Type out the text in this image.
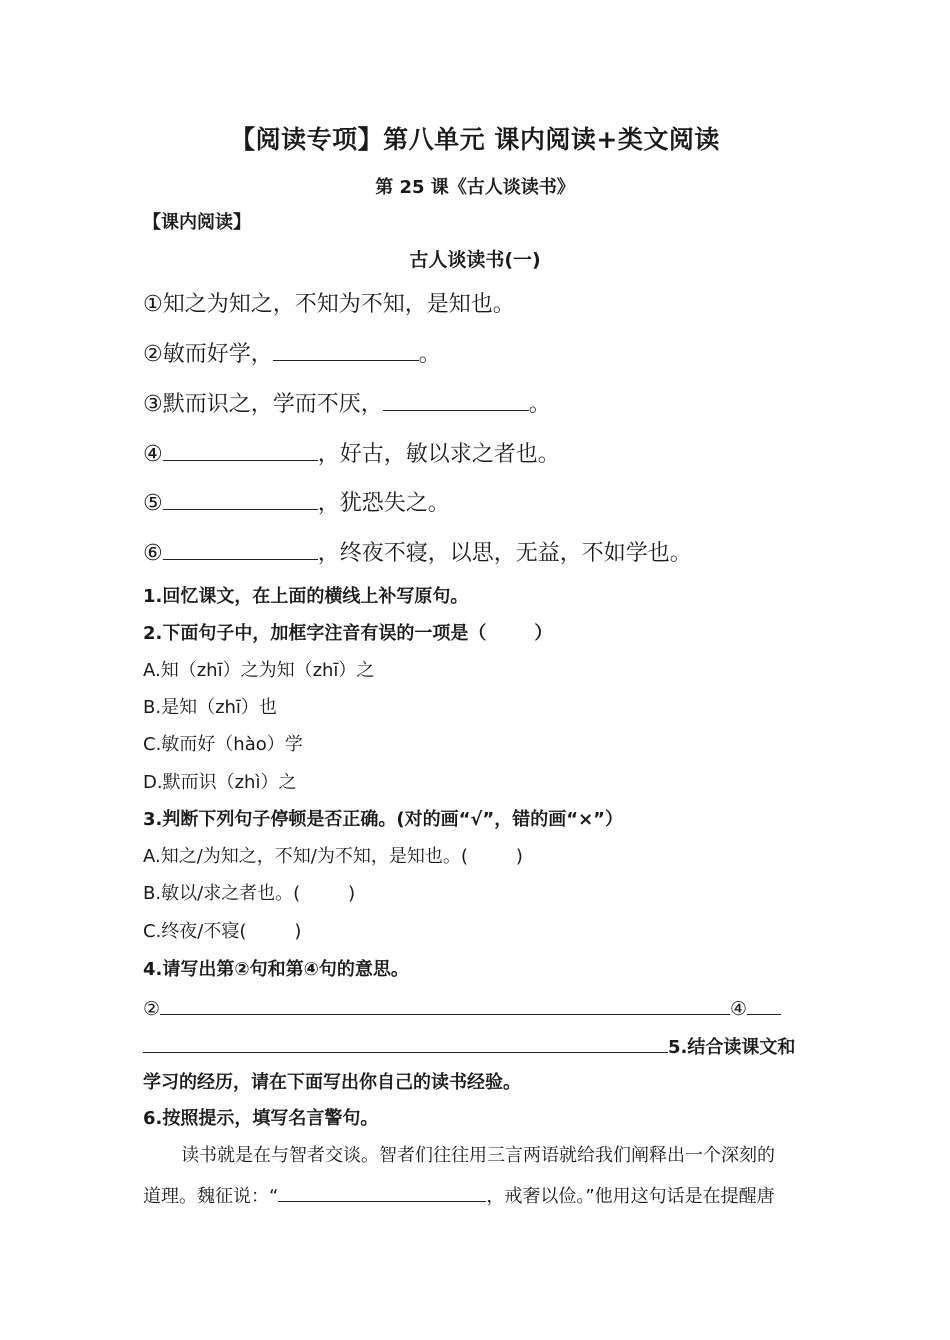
【阅读专项】第八单元 课内阅读+类文阅读
第 25 课《古人谈读书》
【课内阅读】
古人谈读书(一)
①知之为知之，不知为不知，是知也。
②敏而好学，	。
③默而识之，学而不厌，	。
④	，好古，敏以求之者也。
⑤	，犹恐失之。
⑥	，终夜不寝，以思，无益，不如学也。
1.回忆课文，在上面的横线上补写原句。
2.下面句子中，加框字注音有误的一项是（	）
A.知（zhī）之为知（zhī）之
B.是知（zhī）也
C.敏而好（hào）学
D.默而识（zhì）之
3.判断下列句子停顿是否正确。(对的画“√”，错的画“×”）
A.知之/为知之，不知/为不知，是知也。(	)
B.敏以/求之者也。(	)
C.终夜/不寝(	)
4.请写出第②句和第④句的意思。
②	④
5.结合读课文和
学习的经历，请在下面写出你自己的读书经验。
6.按照提示，填写名言警句。
读书就是在与智者交谈。智者们往往用三言两语就给我们阐释出一个深刻的
道理。魏征说：“	，戒奢以俭。”他用这句话是在提醒唐
